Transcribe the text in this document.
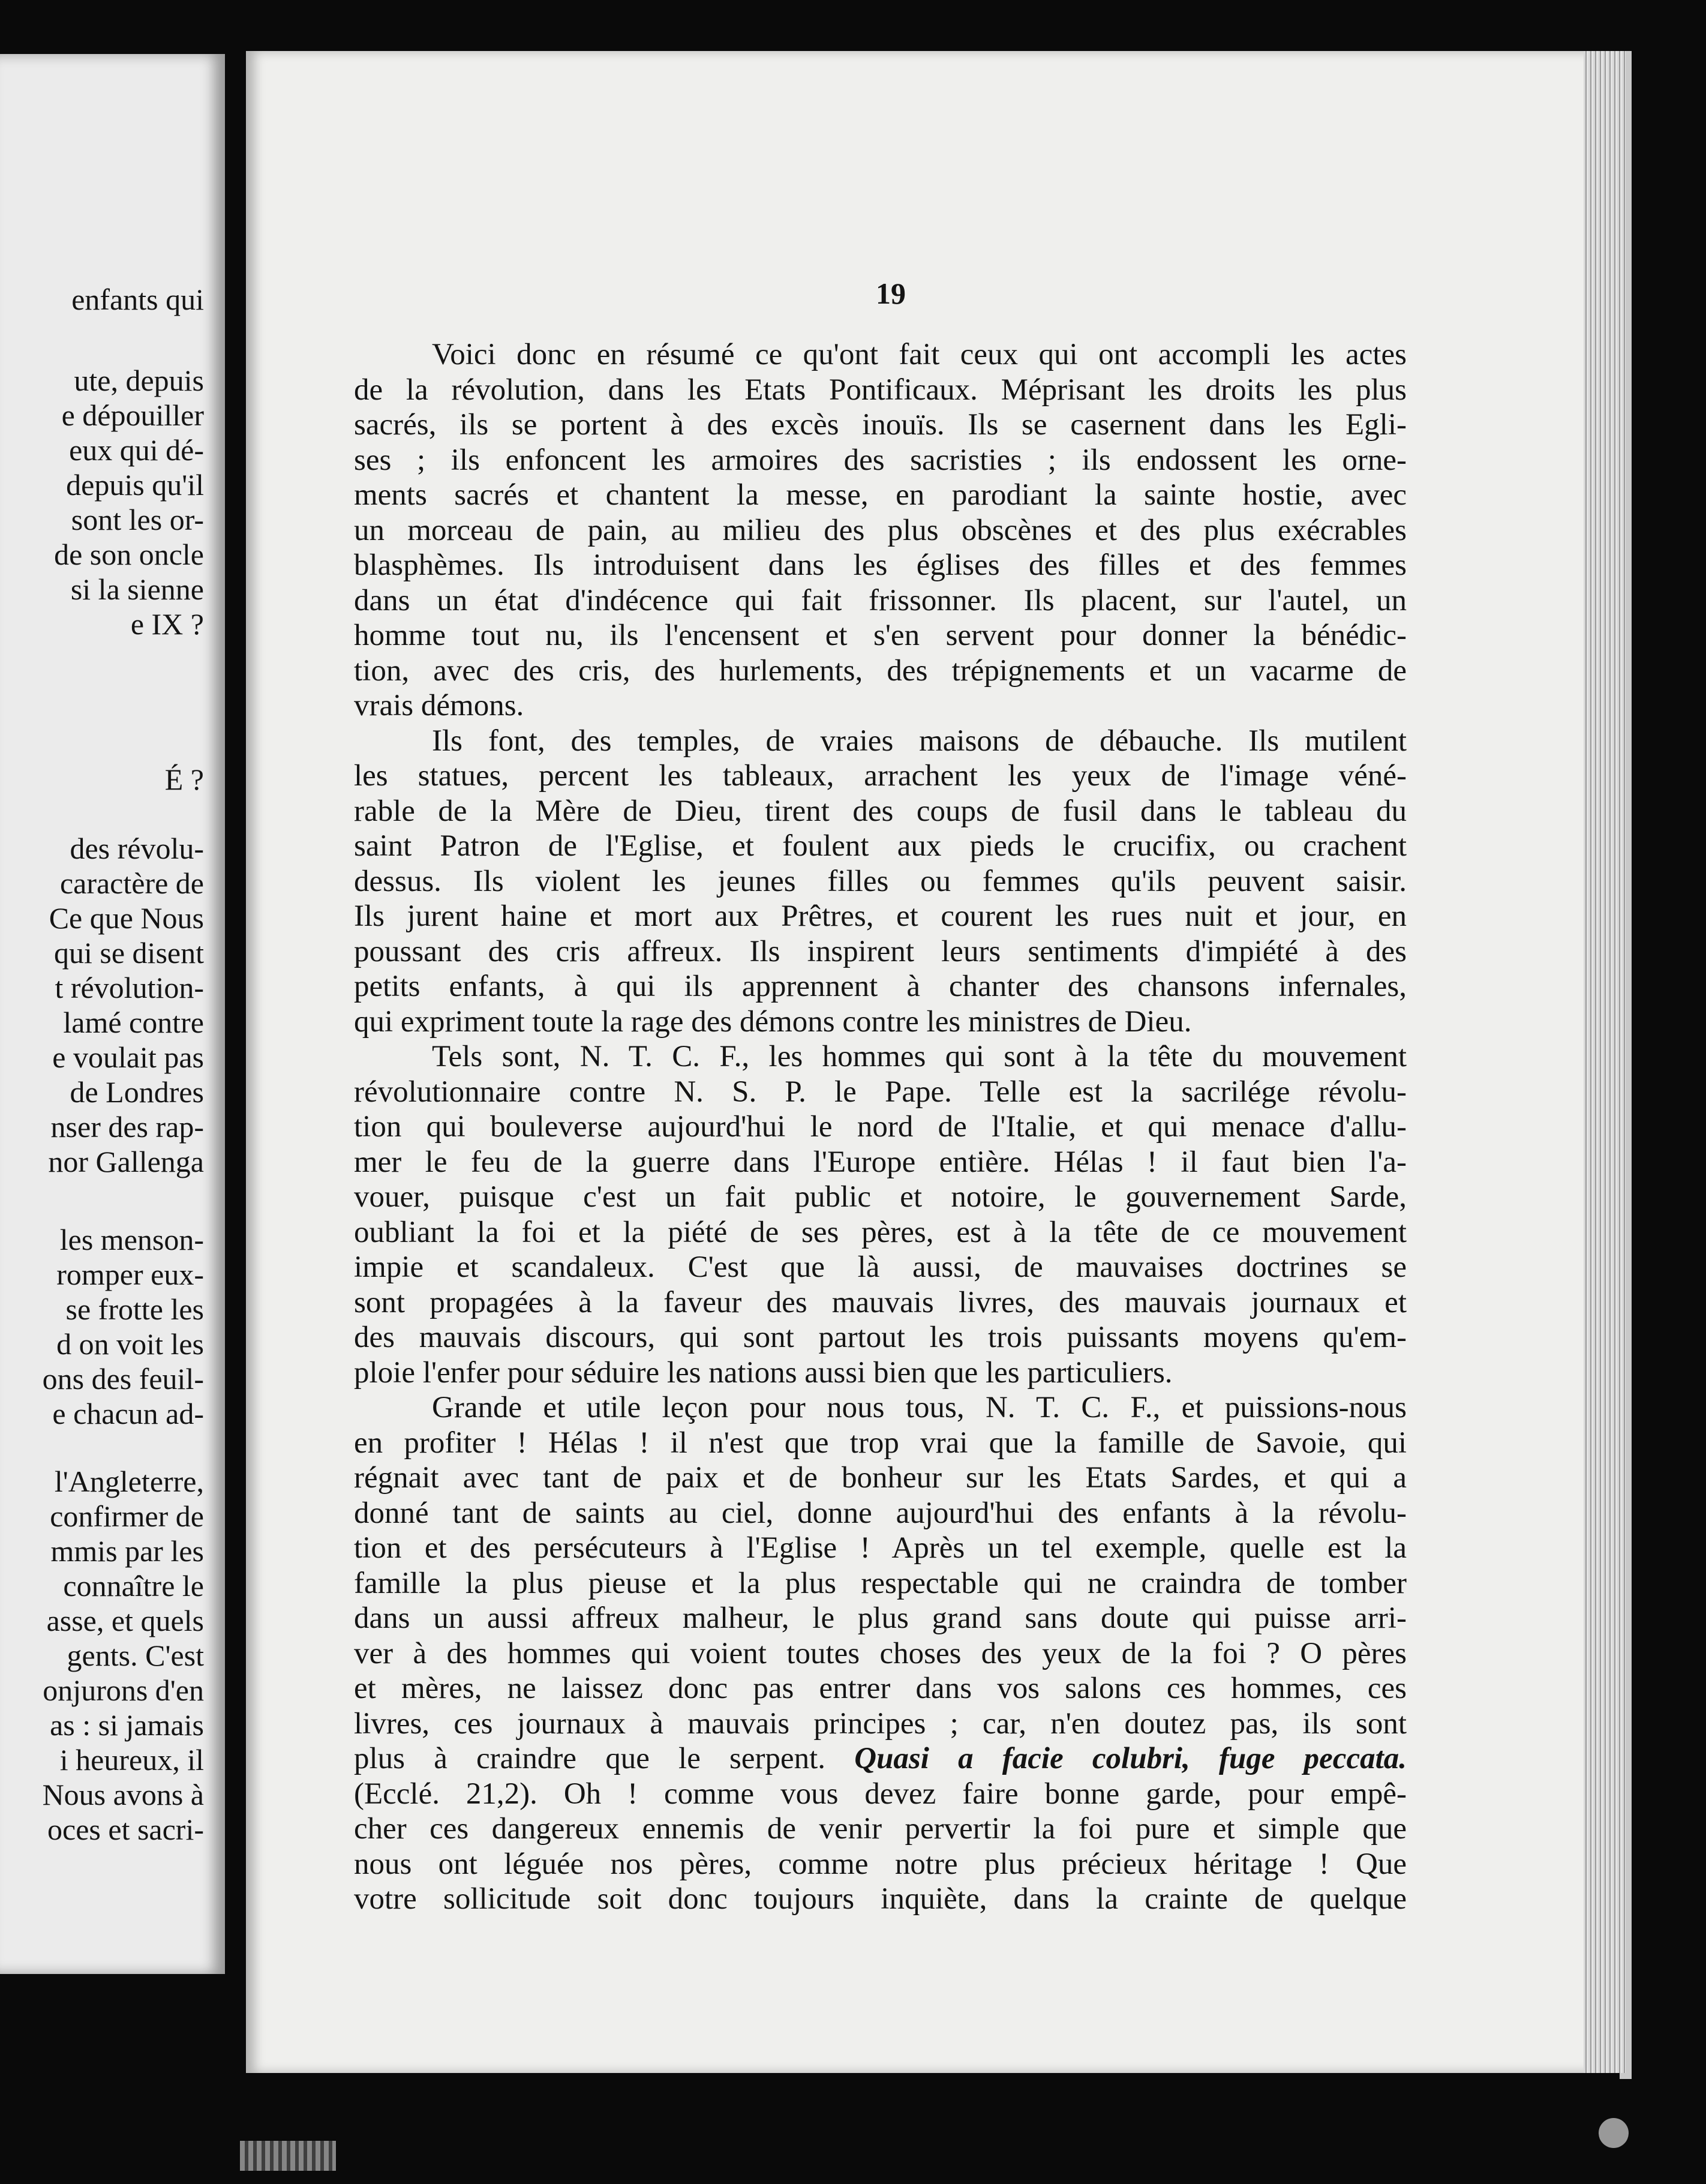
enfants qui
ute, depuis
e dépouiller
eux qui dé-
depuis qu'il
sont les or-
de son oncle
si la sienne
e IX ?
É ?
des révolu-
caractère de
Ce que Nous
qui se disent
t révolution-
lamé contre
e voulait pas
de Londres
nser des rap-
nor Gallenga
les menson-
romper eux-
se frotte les
d on voit les
ons des feuil-
e chacun ad-
l'Angleterre,
confirmer de
mmis par les
connaître le
asse, et quels
gents. C'est
onjurons d'en
as : si jamais
i heureux, il
Nous avons à
oces et sacri-
19
Voici donc en résumé ce qu'ont fait ceux qui ont accompli les actes
de la révolution, dans les Etats Pontificaux. Méprisant les droits les plus
sacrés, ils se portent à des excès inouïs. Ils se casernent dans les Egli-
ses ; ils enfoncent les armoires des sacristies ; ils endossent les orne-
ments sacrés et chantent la messe, en parodiant la sainte hostie, avec
un morceau de pain, au milieu des plus obscènes et des plus exécrables
blasphèmes. Ils introduisent dans les églises des filles et des femmes
dans un état d'indécence qui fait frissonner. Ils placent, sur l'autel, un
homme tout nu, ils l'encensent et s'en servent pour donner la bénédic-
tion, avec des cris, des hurlements, des trépignements et un vacarme de
vrais démons.
Ils font, des temples, de vraies maisons de débauche. Ils mutilent
les statues, percent les tableaux, arrachent les yeux de l'image véné-
rable de la Mère de Dieu, tirent des coups de fusil dans le tableau du
saint Patron de l'Eglise, et foulent aux pieds le crucifix, ou crachent
dessus. Ils violent les jeunes filles ou femmes qu'ils peuvent saisir.
Ils jurent haine et mort aux Prêtres, et courent les rues nuit et jour, en
poussant des cris affreux. Ils inspirent leurs sentiments d'impiété à des
petits enfants, à qui ils apprennent à chanter des chansons infernales,
qui expriment toute la rage des démons contre les ministres de Dieu.
Tels sont, N. T. C. F., les hommes qui sont à la tête du mouvement
révolutionnaire contre N. S. P. le Pape. Telle est la sacrilége révolu-
tion qui bouleverse aujourd'hui le nord de l'Italie, et qui menace d'allu-
mer le feu de la guerre dans l'Europe entière. Hélas ! il faut bien l'a-
vouer, puisque c'est un fait public et notoire, le gouvernement Sarde,
oubliant la foi et la piété de ses pères, est à la tête de ce mouvement
impie et scandaleux. C'est que là aussi, de mauvaises doctrines se
sont propagées à la faveur des mauvais livres, des mauvais journaux et
des mauvais discours, qui sont partout les trois puissants moyens qu'em-
ploie l'enfer pour séduire les nations aussi bien que les particuliers.
Grande et utile leçon pour nous tous, N. T. C. F., et puissions-nous
en profiter ! Hélas ! il n'est que trop vrai que la famille de Savoie, qui
régnait avec tant de paix et de bonheur sur les Etats Sardes, et qui a
donné tant de saints au ciel, donne aujourd'hui des enfants à la révolu-
tion et des persécuteurs à l'Eglise ! Après un tel exemple, quelle est la
famille la plus pieuse et la plus respectable qui ne craindra de tomber
dans un aussi affreux malheur, le plus grand sans doute qui puisse arri-
ver à des hommes qui voient toutes choses des yeux de la foi ? O pères
et mères, ne laissez donc pas entrer dans vos salons ces hommes, ces
livres, ces journaux à mauvais principes ; car, n'en doutez pas, ils sont
plus à craindre que le serpent. Quasi a facie colubri, fuge peccata.
(Ecclé. 21,2). Oh ! comme vous devez faire bonne garde, pour empê-
cher ces dangereux ennemis de venir pervertir la foi pure et simple que
nous ont léguée nos pères, comme notre plus précieux héritage ! Que
votre sollicitude soit donc toujours inquiète, dans la crainte de quelque
